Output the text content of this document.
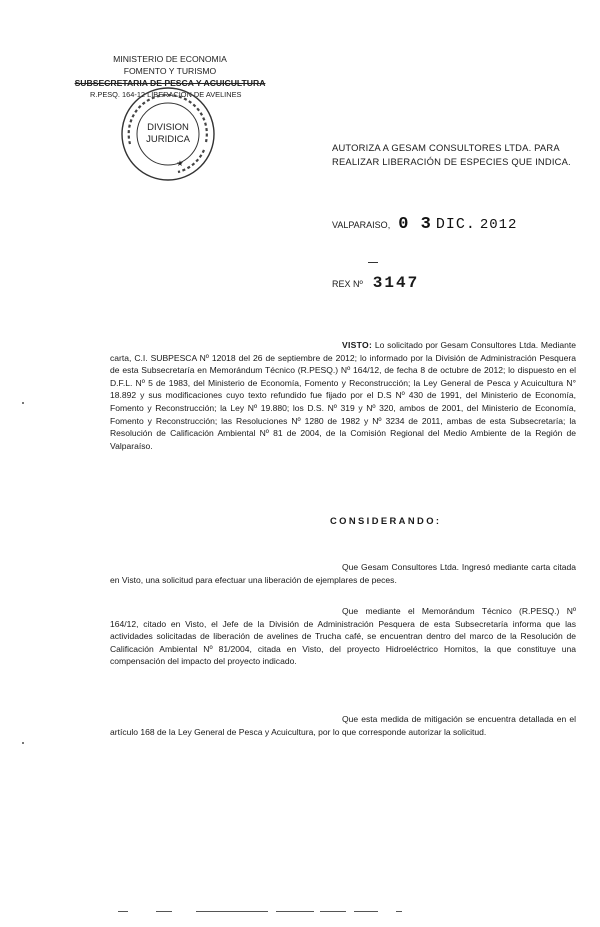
MINISTERIO DE ECONOMIA
FOMENTO Y TURISMO
SUBSECRETARIA DE PESCA Y ACUICULTURA
R.PESQ. 164-12 LIBERACIÓN DE AVELINES
DIVISION
JURIDICA
★
AUTORIZA A GESAM CONSULTORES LTDA. PARA
REALIZAR LIBERACIÓN DE ESPECIES QUE INDICA.
VALPARAISO, 0 3 DIC. 2012
REX Nº 3147
VISTO: Lo solicitado por Gesam Consultores Ltda. Mediante carta, C.I. SUBPESCA Nº 12018 del 26 de septiembre de 2012; lo informado por la División de Administración Pesquera de esta Subsecretaría en Memorándum Técnico (R.PESQ.) Nº 164/12, de fecha 8 de octubre de 2012; lo dispuesto en el D.F.L. Nº 5 de 1983, del Ministerio de Economía, Fomento y Reconstrucción; la Ley General de Pesca y Acuicultura N° 18.892 y sus modificaciones cuyo texto refundido fue fijado por el D.S Nº 430 de 1991, del Ministerio de Economía, Fomento y Reconstrucción; la Ley Nº 19.880; los D.S. Nº 319 y Nº 320, ambos de 2001, del Ministerio de Economía, Fomento y Reconstrucción; las Resoluciones Nº 1280 de 1982 y Nº 3234 de 2011, ambas de esta Subsecretaría; la Resolución de Calificación Ambiental Nº 81 de 2004, de la Comisión Regional del Medio Ambiente de la Región de Valparaíso.
CONSIDERANDO:
Que Gesam Consultores Ltda. Ingresó mediante carta citada en Visto, una solicitud para efectuar una liberación de ejemplares de peces.
Que mediante el Memorándum Técnico (R.PESQ.) Nº 164/12, citado en Visto, el Jefe de la División de Administración Pesquera de esta Subsecretaría informa que las actividades solicitadas de liberación de avelines de Trucha café, se encuentran dentro del marco de la Resolución de Calificación Ambiental Nº 81/2004, citada en Visto, del proyecto Hidroeléctrico Hornitos, la que constituye una compensación del impacto del proyecto indicado.
Que esta medida de mitigación se encuentra detallada en el artículo 168 de la Ley General de Pesca y Acuicultura, por lo que corresponde autorizar la solicitud.
